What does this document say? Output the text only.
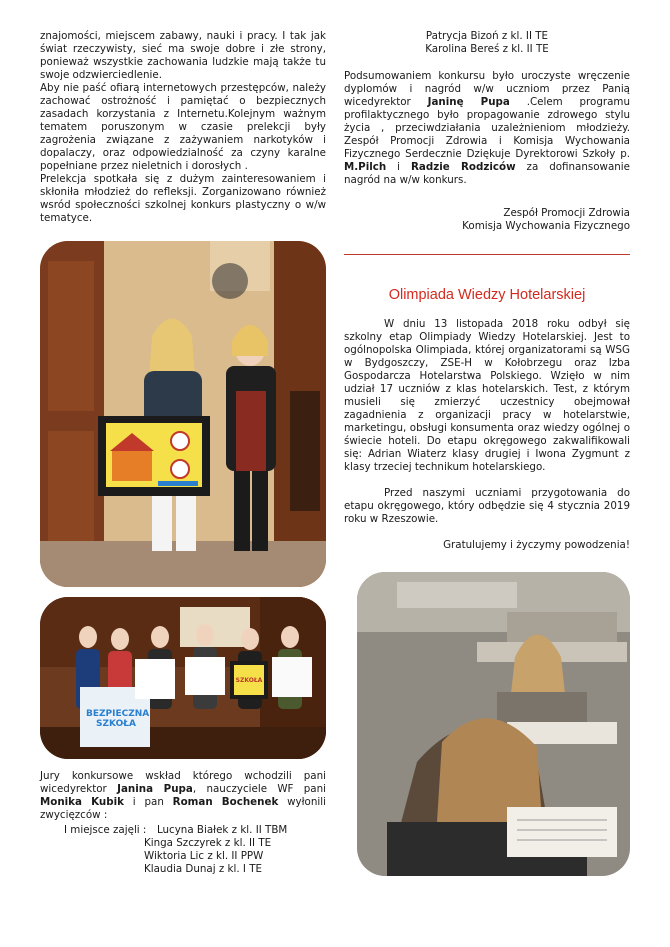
znajomości, miejscem zabawy, nauki i pracy. I tak jak świat rzeczywisty, sieć ma swoje dobre i złe strony, ponieważ wszystkie zachowania ludzkie mają także tu swoje odzwierciedlenie.

Aby nie paść ofiarą internetowych przestępców, należy zachować ostrożność i pamiętać o bezpiecznych zasadach korzystania z Internetu.Kolejnym ważnym tematem poruszonym w czasie prelekcji były zagrożenia związane z zażywaniem narkotyków i dopalaczy, oraz odpowiedzialność za czyny karalne popełniane przez nieletnich i dorosłych .

Prelekcja spotkała się z dużym zainteresowaniem i skłoniła młodzież do refleksji. Zorganizowano również wsród społeczności szkolnej konkurs plastyczny o w/w tematyce.

BEZPIECZNA SZKOŁA
SZKOŁA

Jury konkursowe wskład którego wchodzili pani wicedyrektor Janina Pupa, nauczyciele WF pani Monika Kubik i pan Roman Bochenek wyłonili zwycięzców :

I miejsce zajęli : Lucyna Białek z kl. II TBM
Kinga Szczyrek z kl. II TE
Wiktoria Lic z kl. II PPW
Klaudia Dunaj z kl. I TE
Patrycja Bizoń z kl. II TE
Karolina Bereś z kl. II TE

Podsumowaniem konkursu było uroczyste wręczenie dyplomów i nagród w/w uczniom przez Panią wicedyrektor Janinę Pupa .Celem programu profilaktycznego było propagowanie zdrowego stylu życia , przeciwdziałania uzależnieniom młodzieży. Zespół Promocji Zdrowia i Komisja Wychowania Fizycznego Serdecznie Dziękuje Dyrektorowi Szkoły p. M.Pilch i Radzie Rodziców za dofinansowanie nagród na w/w konkurs.

Zespół Promocji Zdrowia
Komisja Wychowania Fizycznego
Olimpiada Wiedzy Hotelarskiej

W dniu 13 listopada 2018 roku odbył się szkolny etap Olimpiady Wiedzy Hotelarskiej. Jest to ogólnopolska Olimpiada, której organizatorami są WSG w Bydgoszczy, ZSE-H w Kołobrzegu oraz Izba Gospodarcza Hotelarstwa Polskiego. Wzięło w nim udział 17 uczniów z klas hotelarskich. Test, z którym musieli się zmierzyć uczestnicy obejmował zagadnienia z organizacji pracy w hotelarstwie, marketingu, obsługi konsumenta oraz wiedzy ogólnej o świecie hoteli. Do etapu okręgowego zakwalifikowali się: Adrian Wiaterz klasy drugiej i Iwona Zygmunt z klasy trzeciej technikum hotelarskiego.

Przed naszymi uczniami przygotowania do etapu okręgowego, który odbędzie się 4 stycznia 2019 roku w Rzeszowie.

Gratulujemy i życzymy powodzenia!
